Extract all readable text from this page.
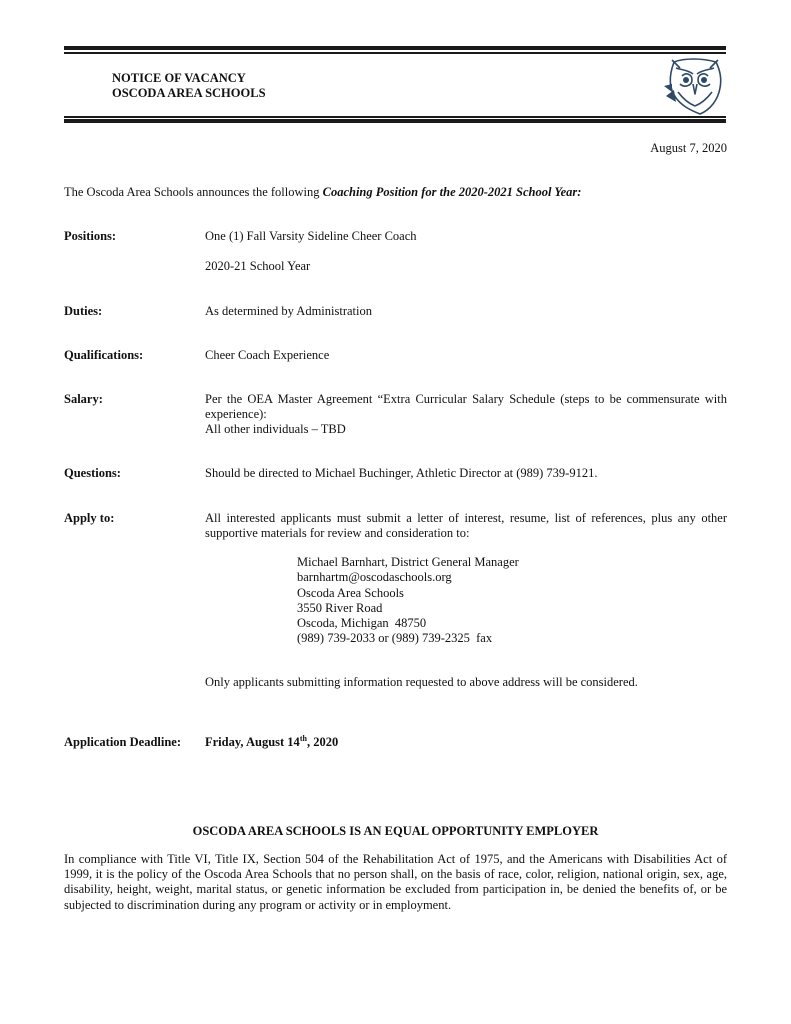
NOTICE OF VACANCY
OSCODA AREA SCHOOLS
August 7, 2020
The Oscoda Area Schools announces the following Coaching Position for the 2020-2021 School Year:
Positions:	One (1) Fall Varsity Sideline Cheer Coach
2020-21 School Year
Duties:	As determined by Administration
Qualifications:	Cheer Coach Experience
Salary:	Per the OEA Master Agreement “Extra Curricular Salary Schedule (steps to be commensurate with experience):
All other individuals – TBD
Questions:	Should be directed to Michael Buchinger, Athletic Director at (989) 739-9121.
Apply to:	All interested applicants must submit a letter of interest, resume, list of references, plus any other supportive materials for review and consideration to:
Michael Barnhart, District General Manager
barnhartm@oscodaschools.org
Oscoda Area Schools
3550 River Road
Oscoda, Michigan  48750
(989) 739-2033 or (989) 739-2325  fax
Only applicants submitting information requested to above address will be considered.
Application Deadline: Friday, August 14th, 2020
OSCODA AREA SCHOOLS IS AN EQUAL OPPORTUNITY EMPLOYER
In compliance with Title VI, Title IX, Section 504 of the Rehabilitation Act of 1975, and the Americans with Disabilities Act of 1999, it is the policy of the Oscoda Area Schools that no person shall, on the basis of race, color, religion, national origin, sex, age, disability, height, weight, marital status, or genetic information be excluded from participation in, be denied the benefits of, or be subjected to discrimination during any program or activity or in employment.
